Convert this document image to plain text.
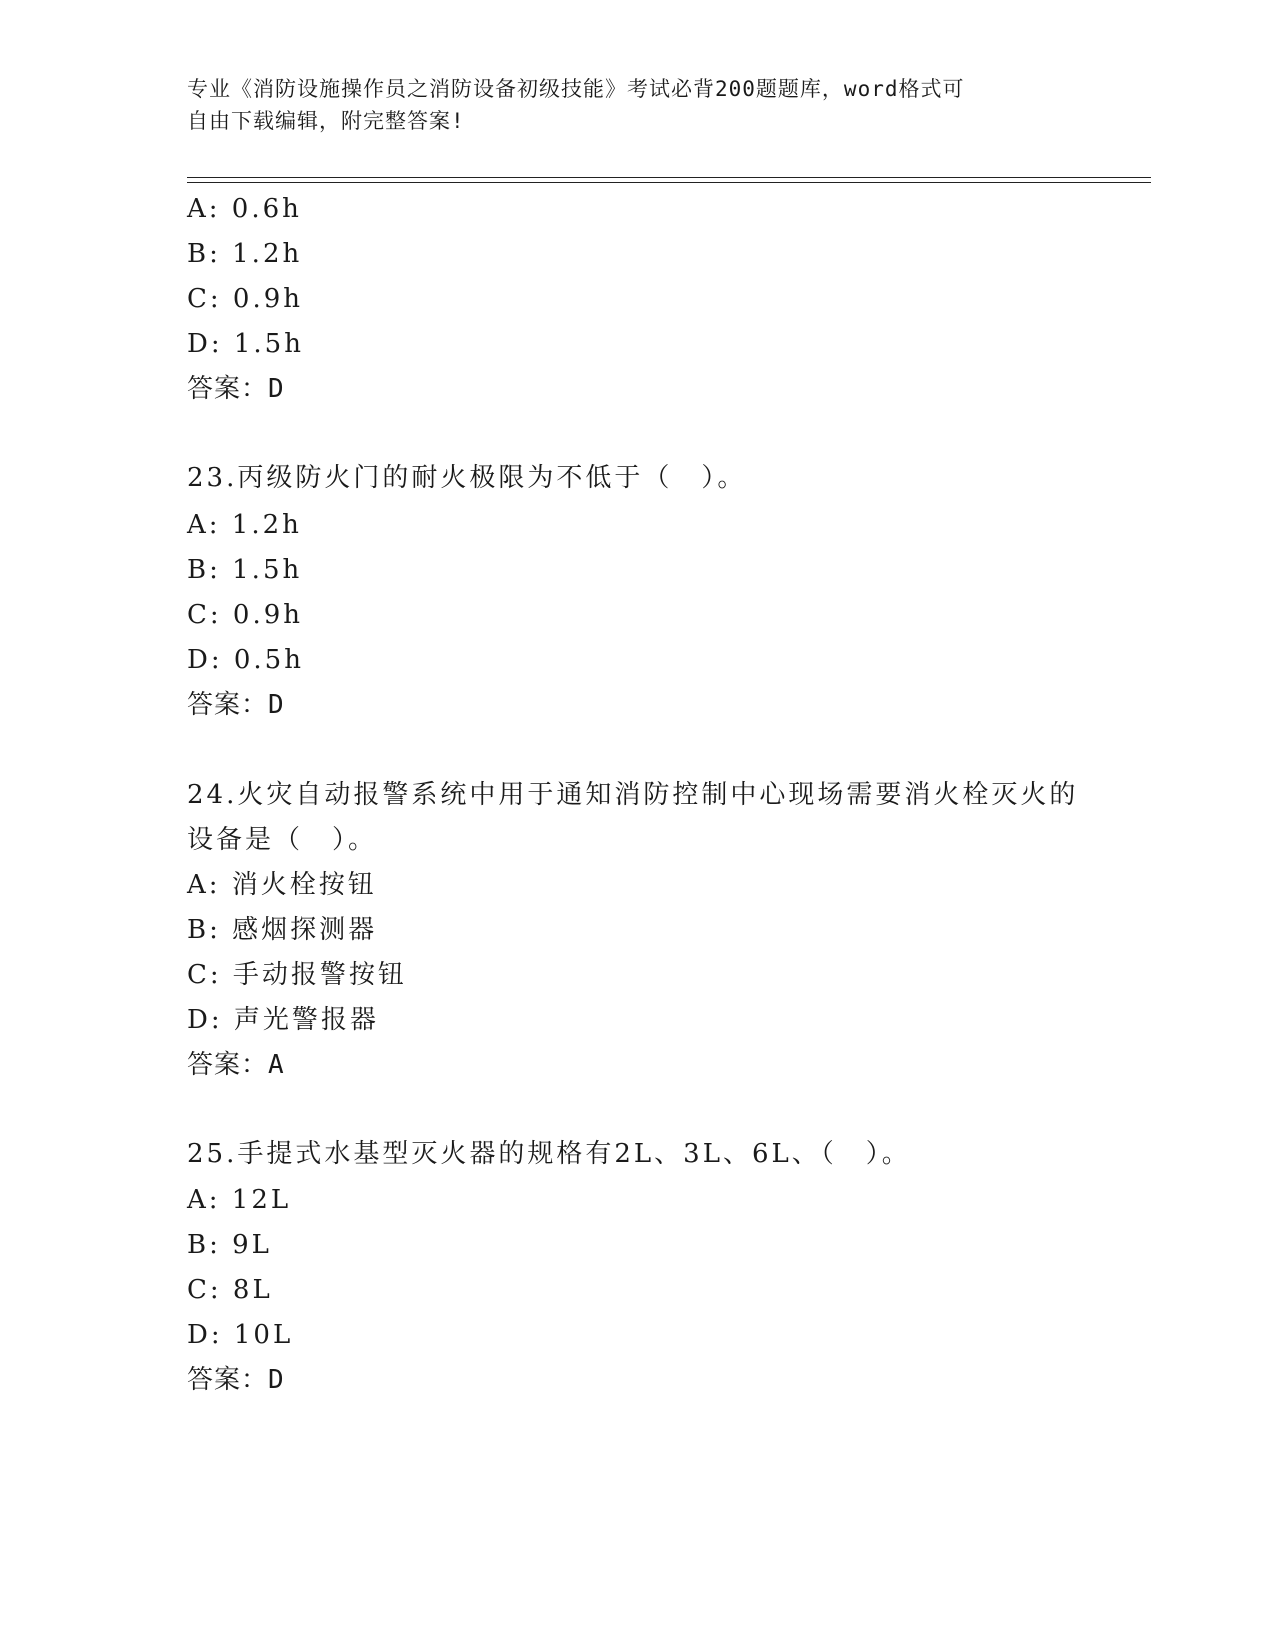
专业《消防设施操作员之消防设备初级技能》考试必背200题题库，word格式可
自由下载编辑，附完整答案!
A: 0.6h
B: 1.2h
C: 0.9h
D: 1.5h
答案：D
23.丙级防火门的耐火极限为不低于（　）。
A: 1.2h
B: 1.5h
C: 0.9h
D: 0.5h
答案：D
24.火灾自动报警系统中用于通知消防控制中心现场需要消火栓灭火的
设备是（　）。
A: 消火栓按钮
B: 感烟探测器
C: 手动报警按钮
D: 声光警报器
答案：A
25.手提式水基型灭火器的规格有2L、3L、6L、（　）。
A: 12L
B: 9L
C: 8L
D: 10L
答案：D
